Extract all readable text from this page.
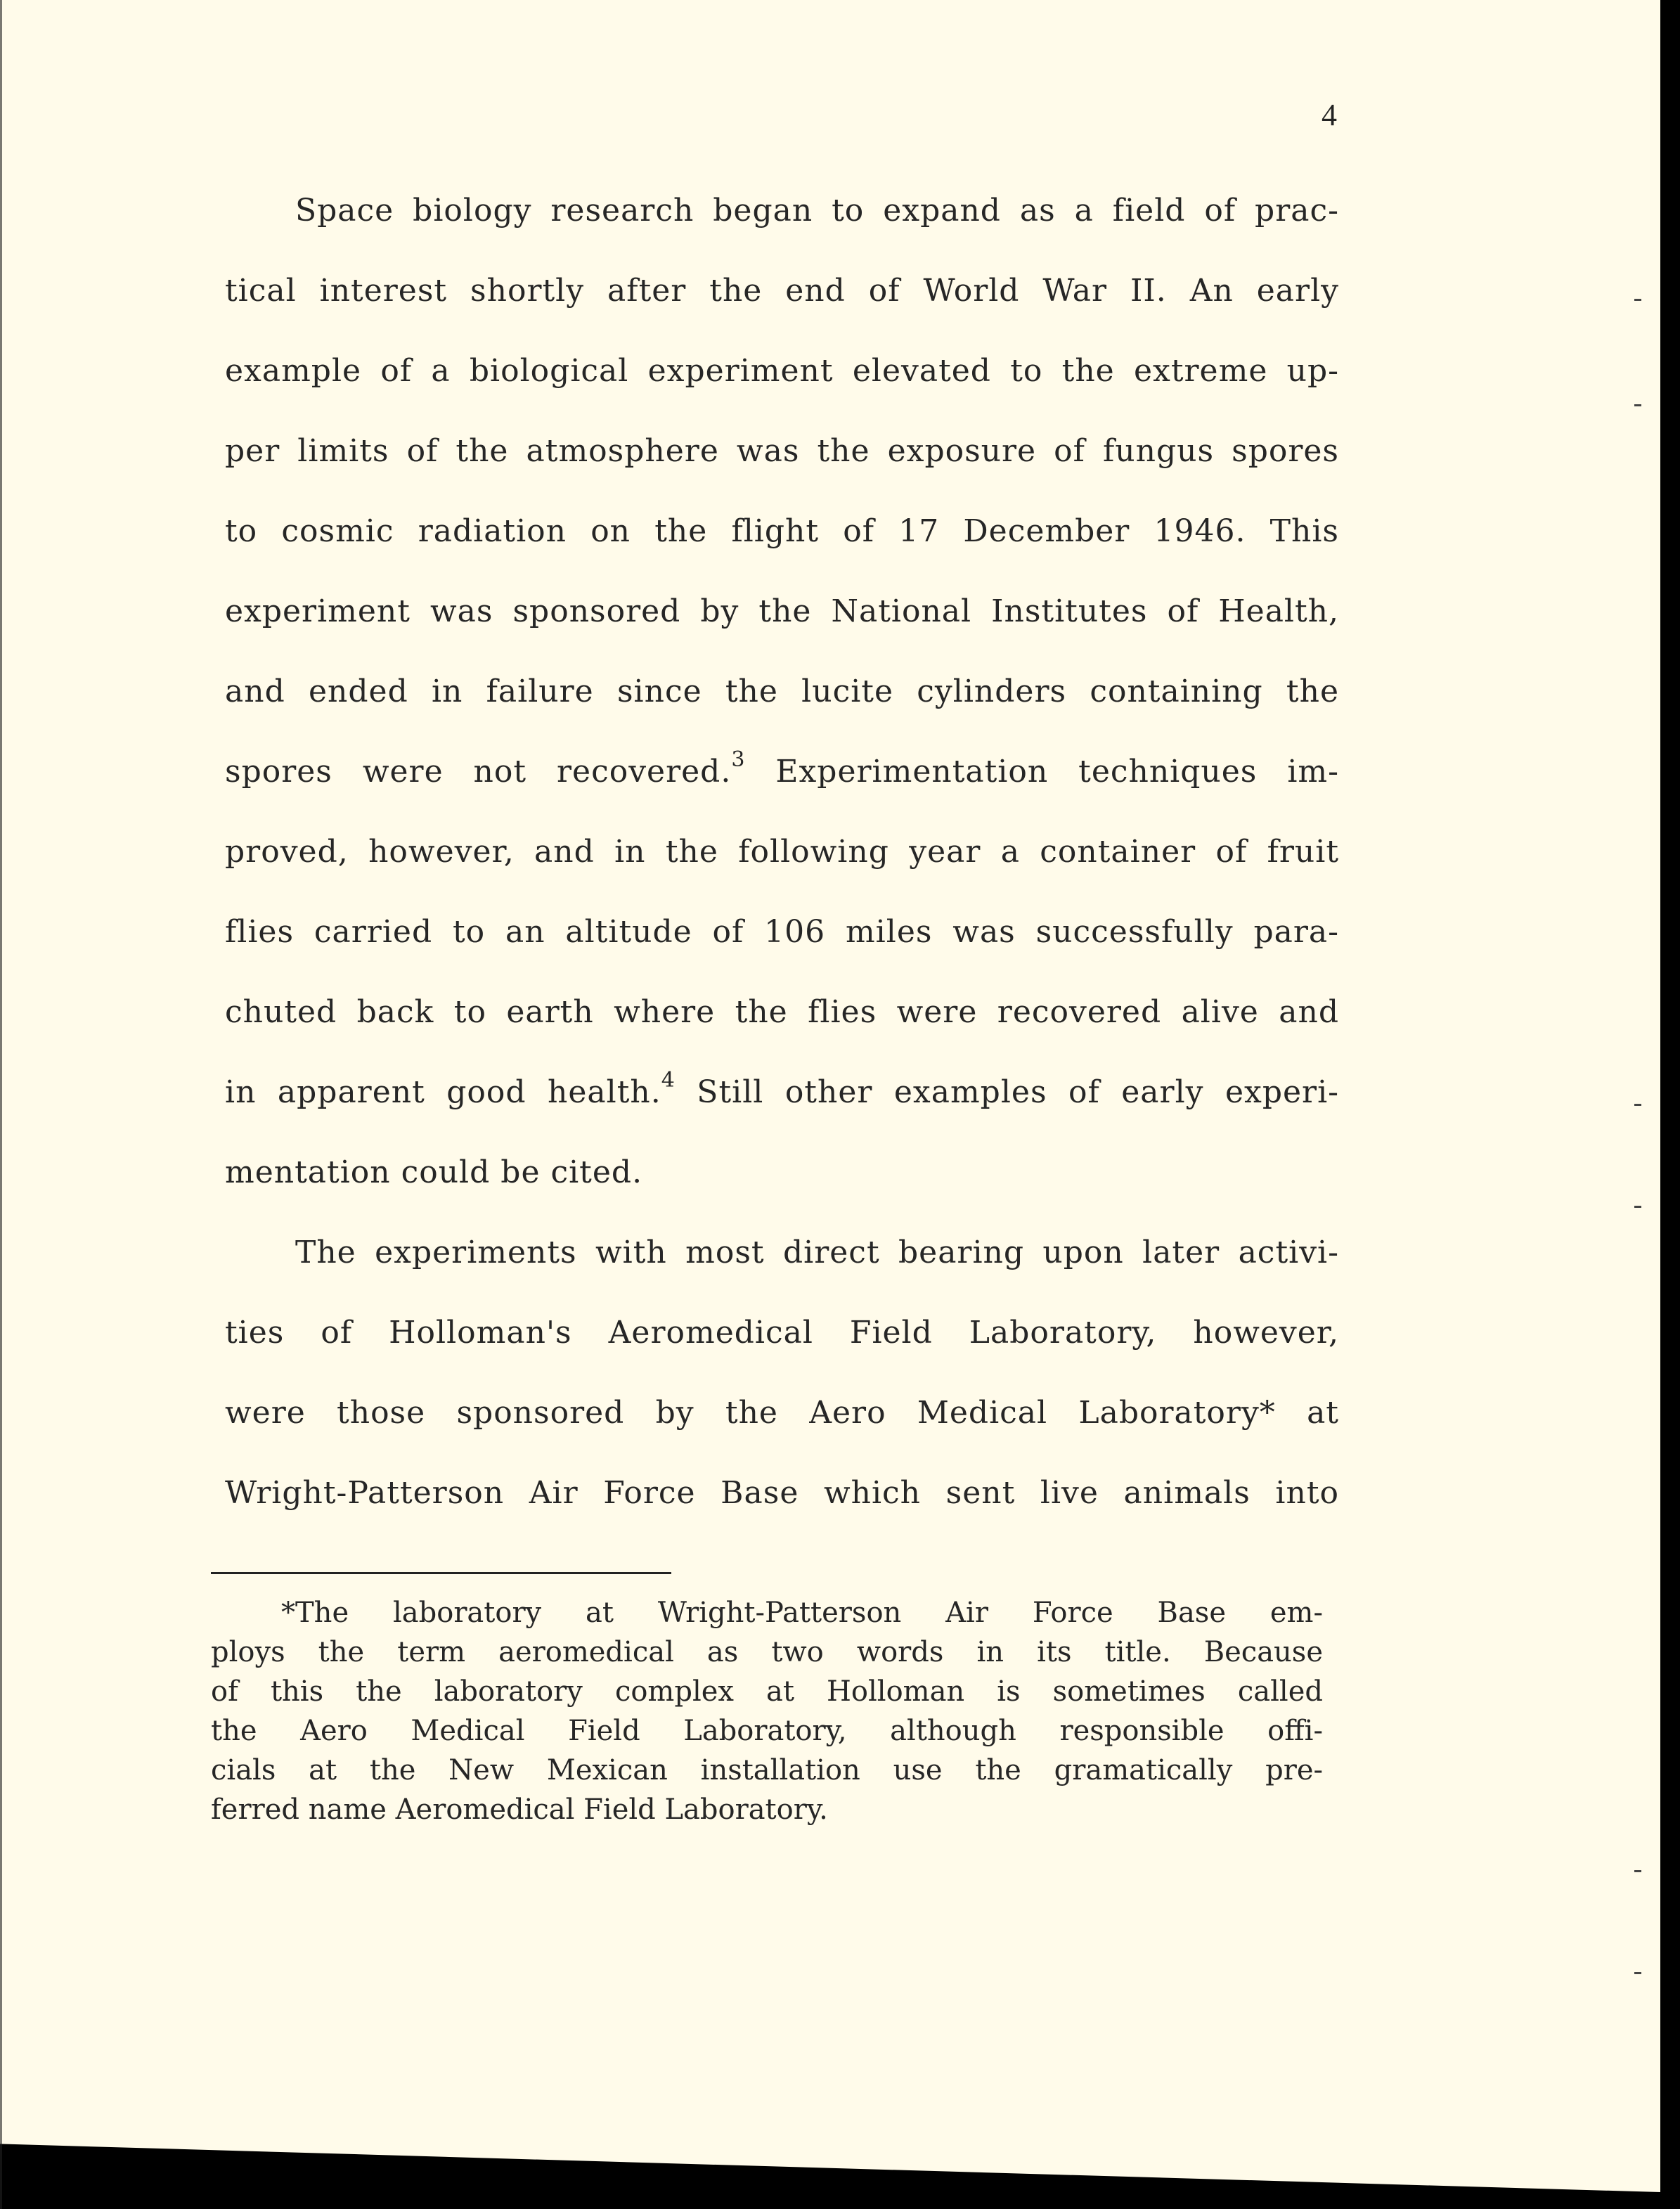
4
Space biology research began to expand as a field of prac-
tical interest shortly after the end of World War II. An early
example of a biological experiment elevated to the extreme up-
per limits of the atmosphere was the exposure of fungus spores
to cosmic radiation on the flight of 17 December 1946. This
experiment was sponsored by the National Institutes of Health,
and ended in failure since the lucite cylinders containing the
spores were not recovered.$^3$ Experimentation techniques im-
proved, however, and in the following year a container of fruit
flies carried to an altitude of 106 miles was successfully para-
chuted back to earth where the flies were recovered alive and
in apparent good health.$^4$ Still other examples of early experi-
mentation could be cited.
The experiments with most direct bearing upon later activi-
ties of Holloman's Aeromedical Field Laboratory, however,
were those sponsored by the Aero Medical Laboratory* at
Wright-Patterson Air Force Base which sent live animals into
*The laboratory at Wright-Patterson Air Force Base em-
ploys the term aeromedical as two words in its title. Because
of this the laboratory complex at Holloman is sometimes called
the Aero Medical Field Laboratory, although responsible offi-
cials at the New Mexican installation use the gramatically pre-
ferred name Aeromedical Field Laboratory.
